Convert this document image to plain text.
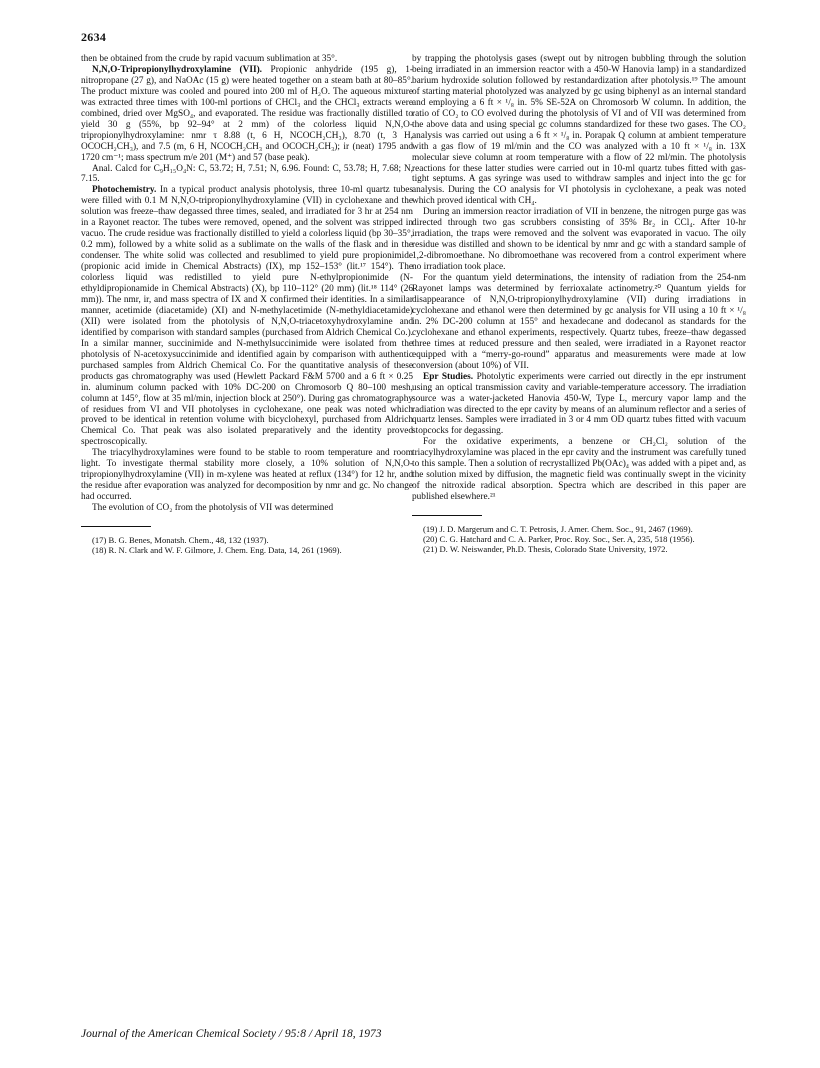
2634

then be obtained from the crude by rapid vacuum sublimation at 35°.

N,N,O-Tripropionylhydroxylamine (VII). Propionic anhydride (195 g), 1-nitropropane (27 g), and NaOAc (15 g) were heated together on a steam bath at 80–85°. The product mixture was cooled and poured into 200 ml of H₂O. The aqueous mixture was extracted three times with 100-ml portions of CHCl₃ and the CHCl₃ extracts were combined, dried over MgSO₄, and evaporated. The residue was fractionally distilled to yield 30 g (55%, bp 92–94° at 2 mm) of the colorless liquid N,N,O-tripropionylhydroxylamine: nmr τ 8.88 (t, 6 H, NCOCH₂CH₃), 8.70 (t, 3 H, OCOCH₂CH₃), and 7.5 (m, 6 H, NCOCH₂CH₃ and OCOCH₂CH₃); ir (neat) 1795 and 1720 cm⁻¹; mass spectrum m/e 201 (M⁺) and 57 (base peak).

Anal. Calcd for C₉H₁₅O₄N: C, 53.72; H, 7.51; N, 6.96. Found: C, 53.78; H, 7.68; N, 7.15.

Photochemistry. In a typical product analysis photolysis, three 10-ml quartz tubes were filled with 0.1 M N,N,O-tripropionylhydroxylamine (VII) in cyclohexane and the solution was freeze–thaw degassed three times, sealed, and irradiated for 3 hr at 254 nm in a Rayonet reactor. The tubes were removed, opened, and the solvent was stripped in vacuo. The crude residue was fractionally distilled to yield a colorless liquid (bp 30–35°, 0.2 mm), followed by a white solid as a sublimate on the walls of the flask and in the condenser. The white solid was collected and resublimed to yield pure propionimide (propionic acid imide in Chemical Abstracts) (IX), mp 152–153° (lit.¹⁷ 154°). The colorless liquid was redistilled to yield pure N-ethylpropionimide (N-ethyldipropionamide in Chemical Abstracts) (X), bp 110–112° (20 mm) (lit.¹⁸ 114° (26 mm)). The nmr, ir, and mass spectra of IX and X confirmed their identities. In a similar manner, acetimide (diacetamide) (XI) and N-methylacetimide (N-methyldiacetamide) (XII) were isolated from the photolysis of N,N,O-triacetoxyhydroxylamine and identified by comparison with standard samples (purchased from Aldrich Chemical Co.). In a similar manner, succinimide and N-methylsuccinimide were isolated from the photolysis of N-acetoxysuccinimide and identified again by comparison with authentic purchased samples from Aldrich Chemical Co. For the quantitative analysis of these products gas chromatography was used (Hewlett Packard F&M 5700 and a 6 ft × 0.25 in. aluminum column packed with 10% DC-200 on Chromosorb Q 80–100 mesh, column at 145°, flow at 35 ml/min, injection block at 250°). During gas chromatography of residues from VI and VII photolyses in cyclohexane, one peak was noted which proved to be identical in retention volume with bicyclohexyl, purchased from Aldrich Chemical Co. That peak was also isolated preparatively and the identity proved spectroscopically.

The triacylhydroxylamines were found to be stable to room temperature and room light. To investigate thermal stability more closely, a 10% solution of N,N,O-tripropionylhydroxylamine (VII) in m-xylene was heated at reflux (134°) for 12 hr, and the residue after evaporation was analyzed for decomposition by nmr and gc. No change had occurred.

The evolution of CO₂ from the photolysis of VII was determined

(17) B. G. Benes, Monatsh. Chem., 48, 132 (1937).

(18) R. N. Clark and W. F. Gilmore, J. Chem. Eng. Data, 14, 261 (1969).

by trapping the photolysis gases (swept out by nitrogen bubbling through the solution being irradiated in an immersion reactor with a 450-W Hanovia lamp) in a standardized barium hydroxide solution followed by restandardization after photolysis.¹⁹ The amount of starting material photolyzed was analyzed by gc using biphenyl as an internal standard and employing a 6 ft × ¹/₈ in. 5% SE-52A on Chromosorb W column. In addition, the ratio of CO₂ to CO evolved during the photolysis of VI and of VII was determined from the above data and using special gc columns standardized for these two gases. The CO₂ analysis was carried out using a 6 ft × ¹/₈ in. Porapak Q column at ambient temperature with a gas flow of 19 ml/min and the CO was analyzed with a 10 ft × ¹/₈ in. 13X molecular sieve column at room temperature with a flow of 22 ml/min. The photolysis reactions for these latter studies were carried out in 10-ml quartz tubes fitted with gas-tight septums. A gas syringe was used to withdraw samples and inject into the gc for analysis. During the CO analysis for VI photolysis in cyclohexane, a peak was noted which proved identical with CH₄.

During an immersion reactor irradiation of VII in benzene, the nitrogen purge gas was directed through two gas scrubbers consisting of 35% Br₂ in CCl₄. After 10-hr irradiation, the traps were removed and the solvent was evaporated in vacuo. The oily residue was distilled and shown to be identical by nmr and gc with a standard sample of 1,2-dibromoethane. No dibromoethane was recovered from a control experiment where no irradiation took place.

For the quantum yield determinations, the intensity of radiation from the 254-nm Rayonet lamps was determined by ferrioxalate actinometry.²⁰ Quantum yields for disappearance of N,N,O-tripropionylhydroxylamine (VII) during irradiations in cyclohexane and ethanol were then determined by gc analysis for VII using a 10 ft × ¹/₈ in. 2% DC-200 column at 155° and hexadecane and dodecanol as standards for the cyclohexane and ethanol experiments, respectively. Quartz tubes, freeze–thaw degassed three times at reduced pressure and then sealed, were irradiated in a Rayonet reactor equipped with a “merry-go-round” apparatus and measurements were made at low conversion (about 10%) of VII.

Epr Studies. Photolytic experiments were carried out directly in the epr instrument using an optical transmission cavity and variable-temperature accessory. The irradiation source was a water-jacketed Hanovia 450-W, Type L, mercury vapor lamp and the radiation was directed to the epr cavity by means of an aluminum reflector and a series of quartz lenses. Samples were irradiated in 3 or 4 mm OD quartz tubes fitted with vacuum stopcocks for degassing.

For the oxidative experiments, a benzene or CH₂Cl₂ solution of the triacylhydroxylamine was placed in the epr cavity and the instrument was carefully tuned to this sample. Then a solution of recrystallized Pb(OAc)₄ was added with a pipet and, as the solution mixed by diffusion, the magnetic field was continually swept in the vicinity of the nitroxide radical absorption. Spectra which are described in this paper are published elsewhere.²¹

(19) J. D. Margerum and C. T. Petrosis, J. Amer. Chem. Soc., 91, 2467 (1969).

(20) C. G. Hatchard and C. A. Parker, Proc. Roy. Soc., Ser. A, 235, 518 (1956).

(21) D. W. Neiswander, Ph.D. Thesis, Colorado State University, 1972.

Journal of the American Chemical Society / 95:8 / April 18, 1973
